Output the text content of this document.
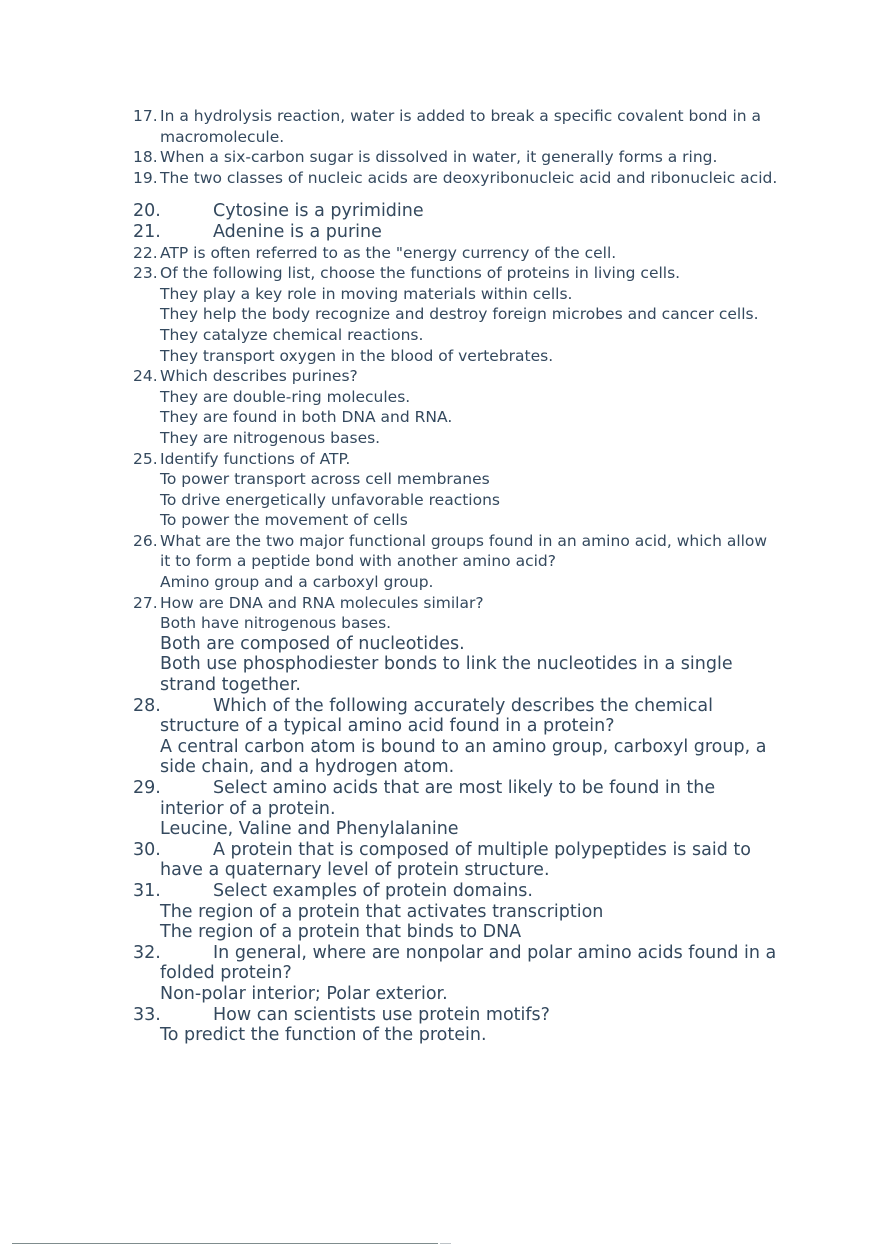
17. In a hydrolysis reaction, water is added to break a specific covalent bond in a macromolecule.
18. When a six-carbon sugar is dissolved in water, it generally forms a ring.
19. The two classes of nucleic acids are deoxyribonucleic acid and ribonucleic acid.
20.	Cytosine is a pyrimidine
21.	Adenine is a purine
22. ATP is often referred to as the "energy currency of the cell.
23. Of the following list, choose the functions of proteins in living cells.
They play a key role in moving materials within cells.
They help the body recognize and destroy foreign microbes and cancer cells.
They catalyze chemical reactions.
They transport oxygen in the blood of vertebrates.
24. Which describes purines?
They are double-ring molecules.
They are found in both DNA and RNA.
They are nitrogenous bases.
25. Identify functions of ATP.
To power transport across cell membranes
To drive energetically unfavorable reactions
To power the movement of cells
26. What are the two major functional groups found in an amino acid, which allow it to form a peptide bond with another amino acid?
Amino group and a carboxyl group.
27. How are DNA and RNA molecules similar?
Both have nitrogenous bases.
Both are composed of nucleotides.
Both use phosphodiester bonds to link the nucleotides in a single strand together.
28.	Which of the following accurately describes the chemical structure of a typical amino acid found in a protein?
A central carbon atom is bound to an amino group, carboxyl group, a side chain, and a hydrogen atom.
29.	Select amino acids that are most likely to be found in the interior of a protein.
Leucine, Valine and Phenylalanine
30.	A protein that is composed of multiple polypeptides is said to have a quaternary level of protein structure.
31.	Select examples of protein domains.
The region of a protein that activates transcription
The region of a protein that binds to DNA
32.	In general, where are nonpolar and polar amino acids found in a folded protein?
Non-polar interior; Polar exterior.
33.	How can scientists use protein motifs?
To predict the function of the protein.
